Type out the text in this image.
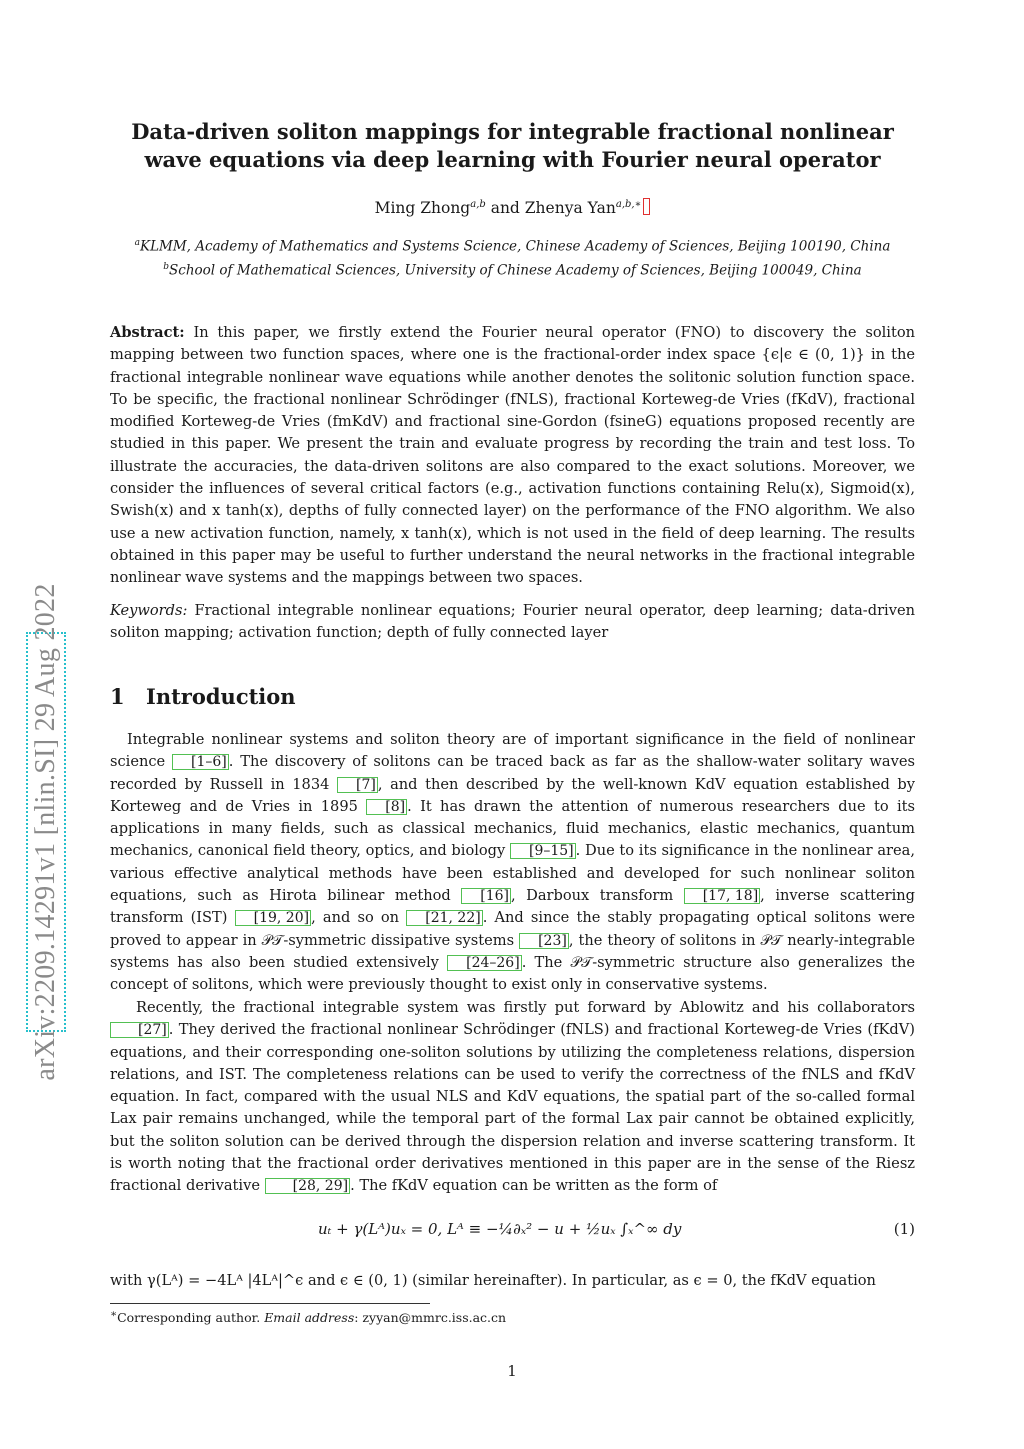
arXiv:2209.14291v1 [nlin.SI] 29 Aug 2022
Data-driven soliton mappings for integrable fractional nonlinear
wave equations via deep learning with Fourier neural operator
Ming Zhong$^{a,b}$ and Zhenya Yan$^{a,b,∗}$
$^a$KLMM, Academy of Mathematics and Systems Science, Chinese Academy of Sciences, Beijing 100190, China
$^b$School of Mathematical Sciences, University of Chinese Academy of Sciences, Beijing 100049, China
Abstract: In this paper, we firstly extend the Fourier neural operator (FNO) to discovery the soliton mapping between two function spaces, where one is the fractional-order index space {ϵ|ϵ ∈ (0, 1)} in the fractional integrable nonlinear wave equations while another denotes the solitonic solution function space. To be specific, the fractional nonlinear Schrödinger (fNLS), fractional Korteweg-de Vries (fKdV), fractional modified Korteweg-de Vries (fmKdV) and fractional sine-Gordon (fsineG) equations proposed recently are studied in this paper. We present the train and evaluate progress by recording the train and test loss. To illustrate the accuracies, the data-driven solitons are also compared to the exact solutions. Moreover, we consider the influences of several critical factors (e.g., activation functions containing Relu(x), Sigmoid(x), Swish(x) and x tanh(x), depths of fully connected layer) on the performance of the FNO algorithm. We also use a new activation function, namely, x tanh(x), which is not used in the field of deep learning. The results obtained in this paper may be useful to further understand the neural networks in the fractional integrable nonlinear wave systems and the mappings between two spaces.
Keywords: Fractional integrable nonlinear equations; Fourier neural operator, deep learning; data-driven soliton mapping; activation function; depth of fully connected layer
1 Introduction
Integrable nonlinear systems and soliton theory are of important significance in the field of nonlinear science [1–6] . The discovery of solitons can be traced back as far as the shallow-water solitary waves recorded by Russell in 1834 [7] , and then described by the well-known KdV equation established by Korteweg and de Vries in 1895 [8] . It has drawn the attention of numerous researchers due to its applications in many fields, such as classical mechanics, fluid mechanics, elastic mechanics, quantum mechanics, canonical field theory, optics, and biology [9–15] . Due to its significance in the nonlinear area, various effective analytical methods have been established and developed for such nonlinear soliton equations, such as Hirota bilinear method [16] , Darboux transform [17, 18] , inverse scattering transform (IST) [19, 20] , and so on [21, 22] . And since the stably propagating optical solitons were proved to appear in 𝒫𝒯-symmetric dissipative systems [23] , the theory of solitons in 𝒫𝒯 nearly-integrable systems has also been studied extensively [24–26] . The 𝒫𝒯-symmetric structure also generalizes the concept of solitons, which were previously thought to exist only in conservative systems.
Recently, the fractional integrable system was firstly put forward by Ablowitz and his collaborators [27] . They derived the fractional nonlinear Schrödinger (fNLS) and fractional Korteweg-de Vries (fKdV) equations, and their corresponding one-soliton solutions by utilizing the completeness relations, dispersion relations, and IST. The completeness relations can be used to verify the correctness of the fNLS and fKdV equation. In fact, compared with the usual NLS and KdV equations, the spatial part of the so-called formal Lax pair remains unchanged, while the temporal part of the formal Lax pair cannot be obtained explicitly, but the soliton solution can be derived through the dispersion relation and inverse scattering transform. It is worth noting that the fractional order derivatives mentioned in this paper are in the sense of the Riesz fractional derivative [28, 29] . The fKdV equation can be written as the form of
uₜ + γ(Lᴬ)uₓ = 0, Lᴬ ≡ −¼∂ₓ² − u + ½uₓ ∫ₓ^∞ dy	(1)
with γ(Lᴬ) = −4Lᴬ |4Lᴬ|^ϵ and ϵ ∈ (0, 1) (similar hereinafter). In particular, as ϵ = 0, the fKdV equation
∗Corresponding author. Email address: zyyan@mmrc.iss.ac.cn
1
